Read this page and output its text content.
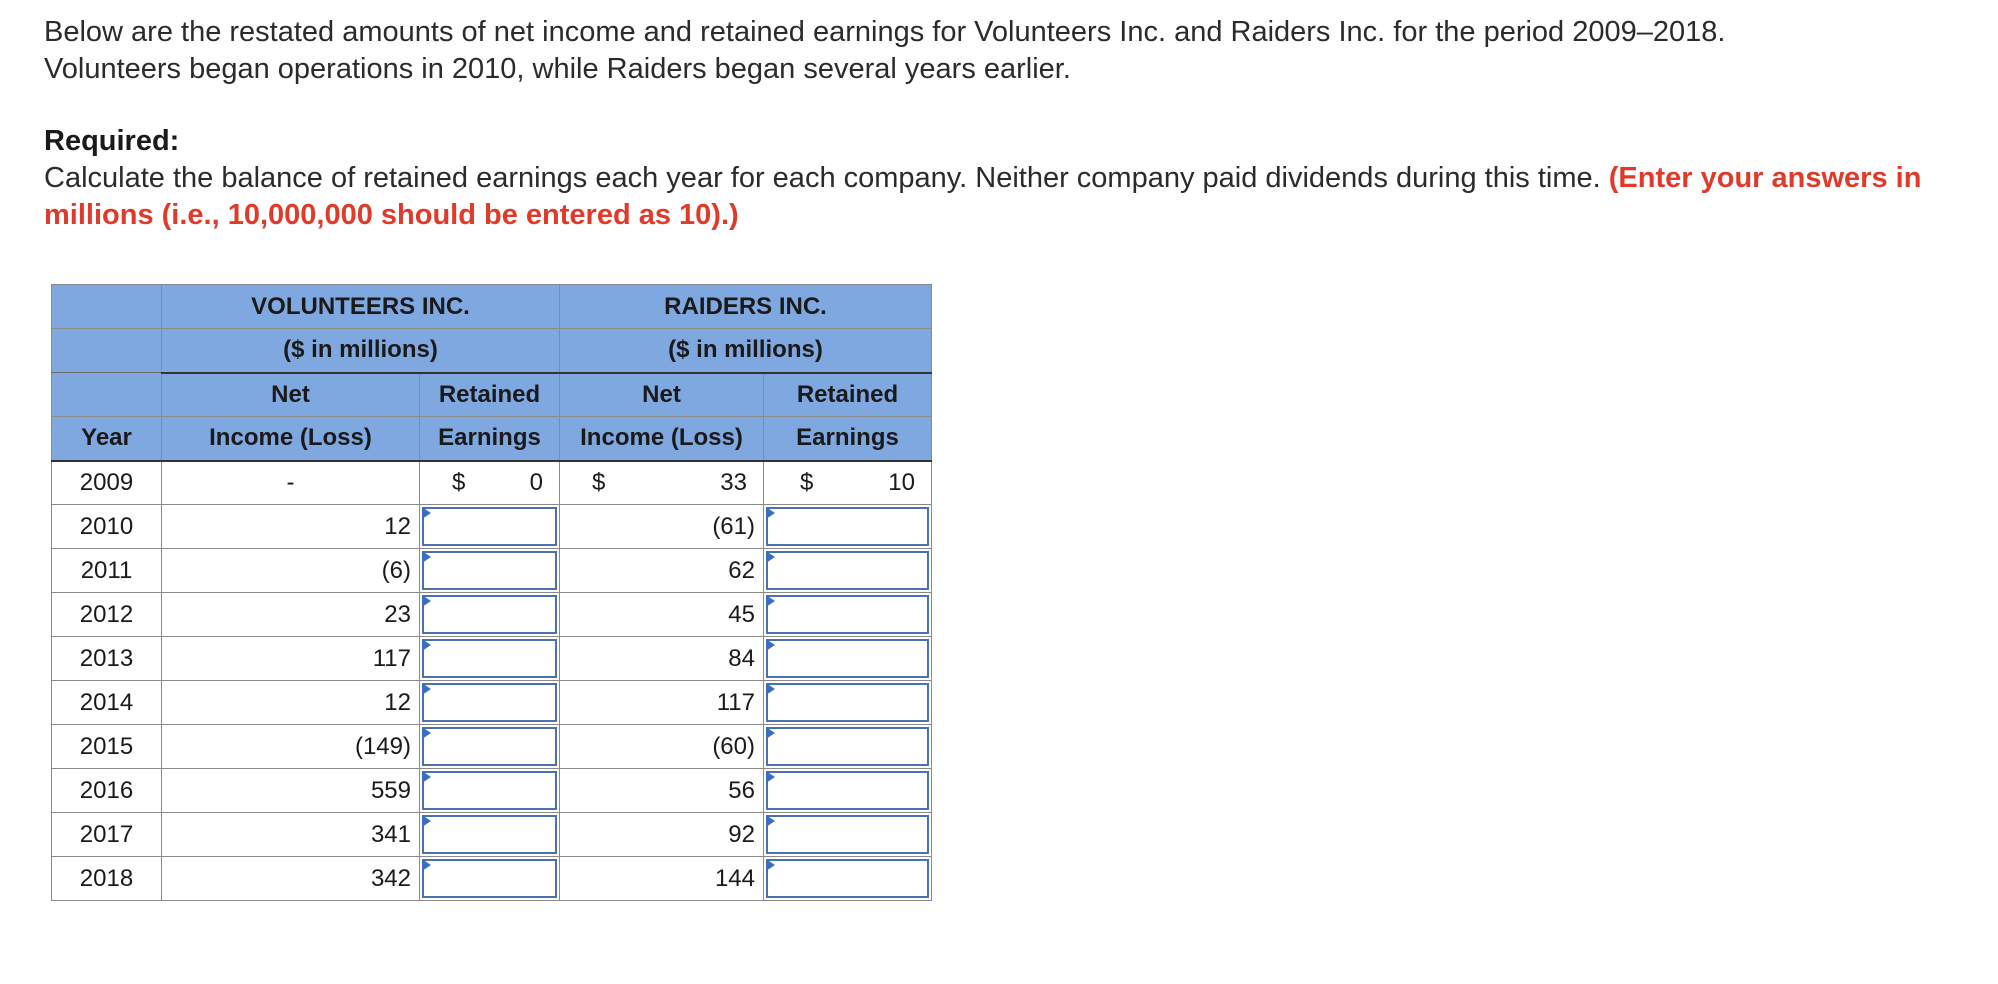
Below are the restated amounts of net income and retained earnings for Volunteers Inc. and Raiders Inc. for the period 2009–2018.

Volunteers began operations in 2010, while Raiders began several years earlier.

Required:
Calculate the balance of retained earnings each year for each company. Neither company paid dividends during this time. (Enter your answers in millions (i.e., 10,000,000 should be entered as 10).)
	VOLUNTEERS INC.		RAIDERS INC.	
	($ in millions)		($ in millions)	
	Net	Retained	Net	Retained
Year	Income (Loss)	Earnings	Income (Loss)	Earnings
2009	-	$ 0	$ 33	$ 10

2010	12		(61)	

2011	(6)		62	

2012	23		45	

2013	117		84	

2014	12		117	

2015	(149)		(60)	

2016	559		56	

2017	341		92	

2018	342		144	
